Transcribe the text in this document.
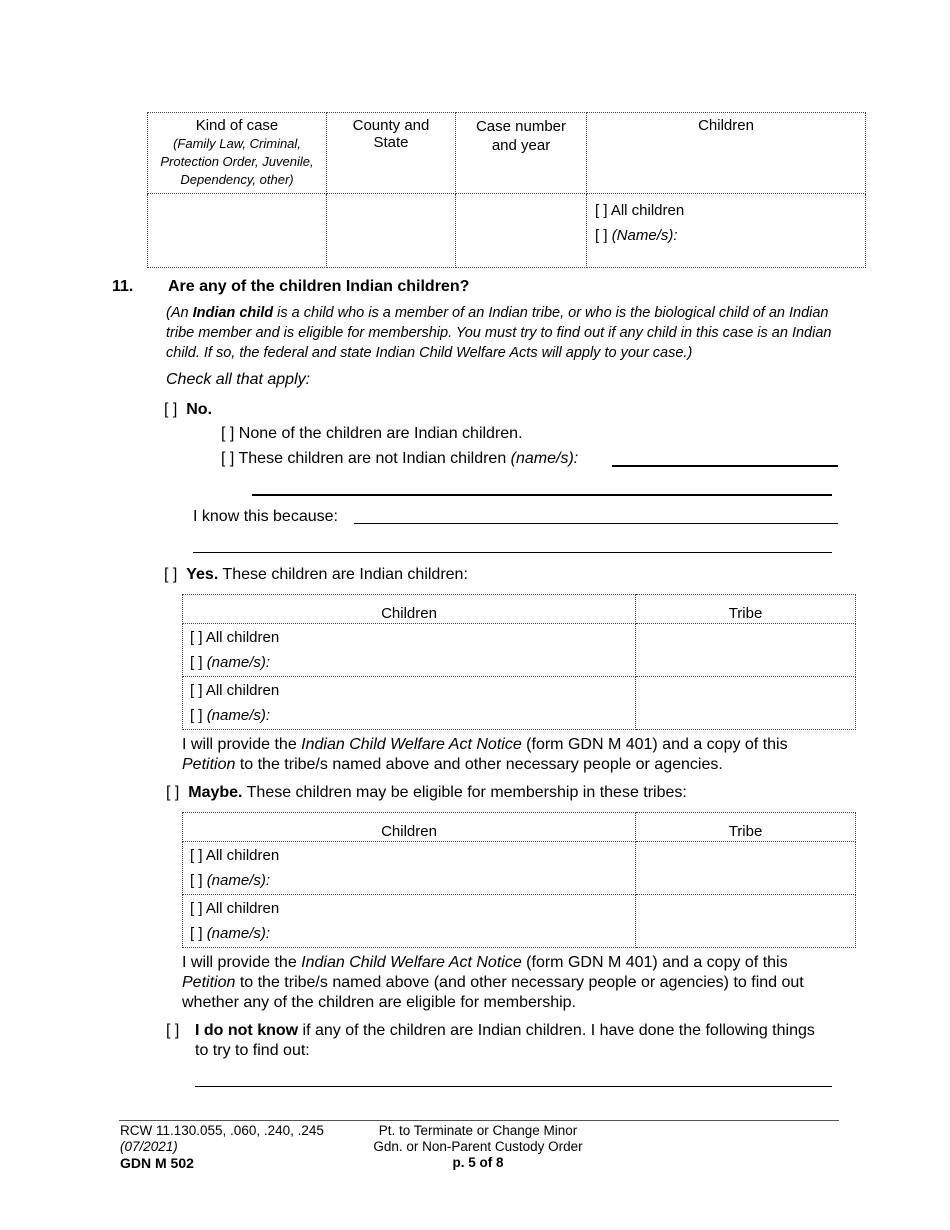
Kind of case
(Family Law, Criminal, Protection Order, Juvenile, Dependency, other)	County and State	Case number and year	Children

			[ ] All children
[ ] (Name/s):
11. Are any of the children Indian children?
(An Indian child is a child who is a member of an Indian tribe, or who is the biological child of an Indian tribe member and is eligible for membership. You must try to find out if any child in this case is an Indian child. If so, the federal and state Indian Child Welfare Acts will apply to your case.)
Check all that apply:
[ ] No.
[ ] None of the children are Indian children.
[ ] These children are not Indian children (name/s):
I know this because:
[ ] Yes. These children are Indian children:
Children	Tribe

[ ] All children
[ ] (name/s):	

[ ] All children
[ ] (name/s):	

I will provide the Indian Child Welfare Act Notice (form GDN M 401) and a copy of this Petition to the tribe/s named above and other necessary people or agencies.
[ ] Maybe. These children may be eligible for membership in these tribes:
Children	Tribe

[ ] All children
[ ] (name/s):	

[ ] All children
[ ] (name/s):	

I will provide the Indian Child Welfare Act Notice (form GDN M 401) and a copy of this Petition to the tribe/s named above (and other necessary people or agencies) to find out whether any of the children are eligible for membership.
[ ] I do not know if any of the children are Indian children. I have done the following things to try to find out:
RCW 11.130.055, .060, .240, .245
(07/2021)
GDN M 502
Pt. to Terminate or Change Minor
Gdn. or Non-Parent Custody Order
p. 5 of 8
